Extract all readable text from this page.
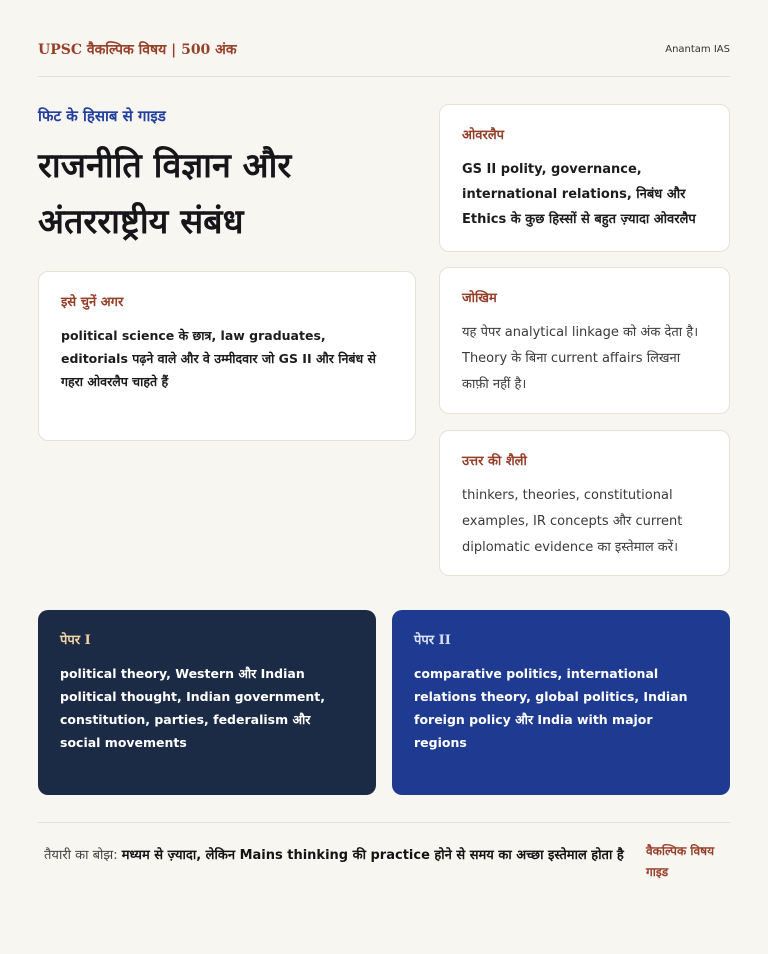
UPSC वैकल्पिक विषय | 500 अंक	Anantam IAS
फिट के हिसाब से गाइड
राजनीति विज्ञान और अंतरराष्ट्रीय संबंध
इसे चुनें अगर
political science के छात्र, law graduates, editorials पढ़ने वाले और वे उम्मीदवार जो GS II और निबंध से गहरा ओवरलैप चाहते हैं
ओवरलैप
GS II polity, governance, international relations, निबंध और Ethics के कुछ हिस्सों से बहुत ज़्यादा ओवरलैप
जोखिम
यह पेपर analytical linkage को अंक देता है। Theory के बिना current affairs लिखना काफ़ी नहीं है।
उत्तर की शैली
thinkers, theories, constitutional examples, IR concepts और current diplomatic evidence का इस्तेमाल करें।
पेपर I
political theory, Western और Indian political thought, Indian government, constitution, parties, federalism और social movements
पेपर II
comparative politics, international relations theory, global politics, Indian foreign policy और India with major regions
तैयारी का बोझ: मध्यम से ज़्यादा, लेकिन Mains thinking की practice होने से समय का अच्छा इस्तेमाल होता है	वैकल्पिक विषय गाइड
